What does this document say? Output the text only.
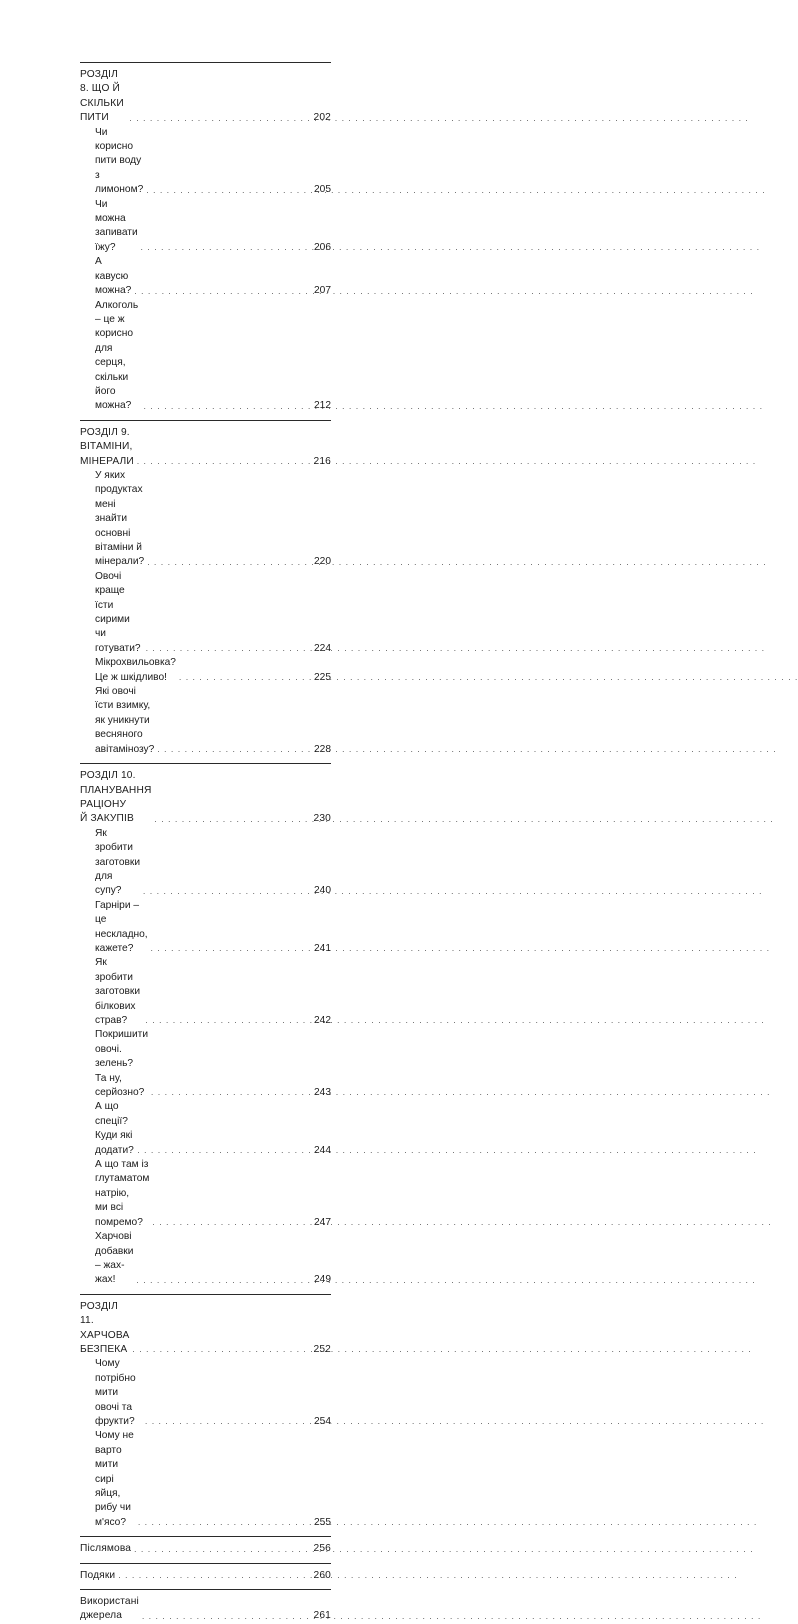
РОЗДІЛ 8. ЩО Й СКІЛЬКИ ПИТИ . . .	202
Чи корисно пити воду з лимоном? . . .	205
Чи можна запивати їжу? . . .	206
А кавусю можна? . . .	207
Алкоголь – це ж корисно для серця,
скільки його можна? . . .	212
РОЗДІЛ 9. ВІТАМІНИ, МІНЕРАЛИ . . .	216
У яких продуктах мені знайти
основні вітаміни й мінерали? . . .	220
Овочі краще їсти сирими чи готувати? . . .	224
Мікрохвильовка? Це ж шкідливо! . . .	225
Які овочі їсти взимку, як уникнути
весняного авітамінозу? . . .	228
РОЗДІЛ 10. ПЛАНУВАННЯ РАЦІОНУ
Й ЗАКУПІВ . . .	230
Як зробити заготовки для супу? . . .	240
Гарніри – це нескладно, кажете? . . .	241
Як зробити заготовки білкових страв? . . .	242
Покришити овочі. зелень?
Та ну, серйозно? . . .	243
А що спеції? Куди які додати? . . .	244
А що там із глутаматом натрію,
ми всі помремо? . . .	247
Харчові добавки – жах-жах! . . .	249
РОЗДІЛ 11. ХАРЧОВА БЕЗПЕКА . . .	252
Чому потрібно мити овочі та фрукти? . . .	254
Чому не варто мити сирі яйця,
рибу чи м'ясо? . . .	255
Післямова . . .	256
Подяки . . .	260
Використані джерела . . .	261
